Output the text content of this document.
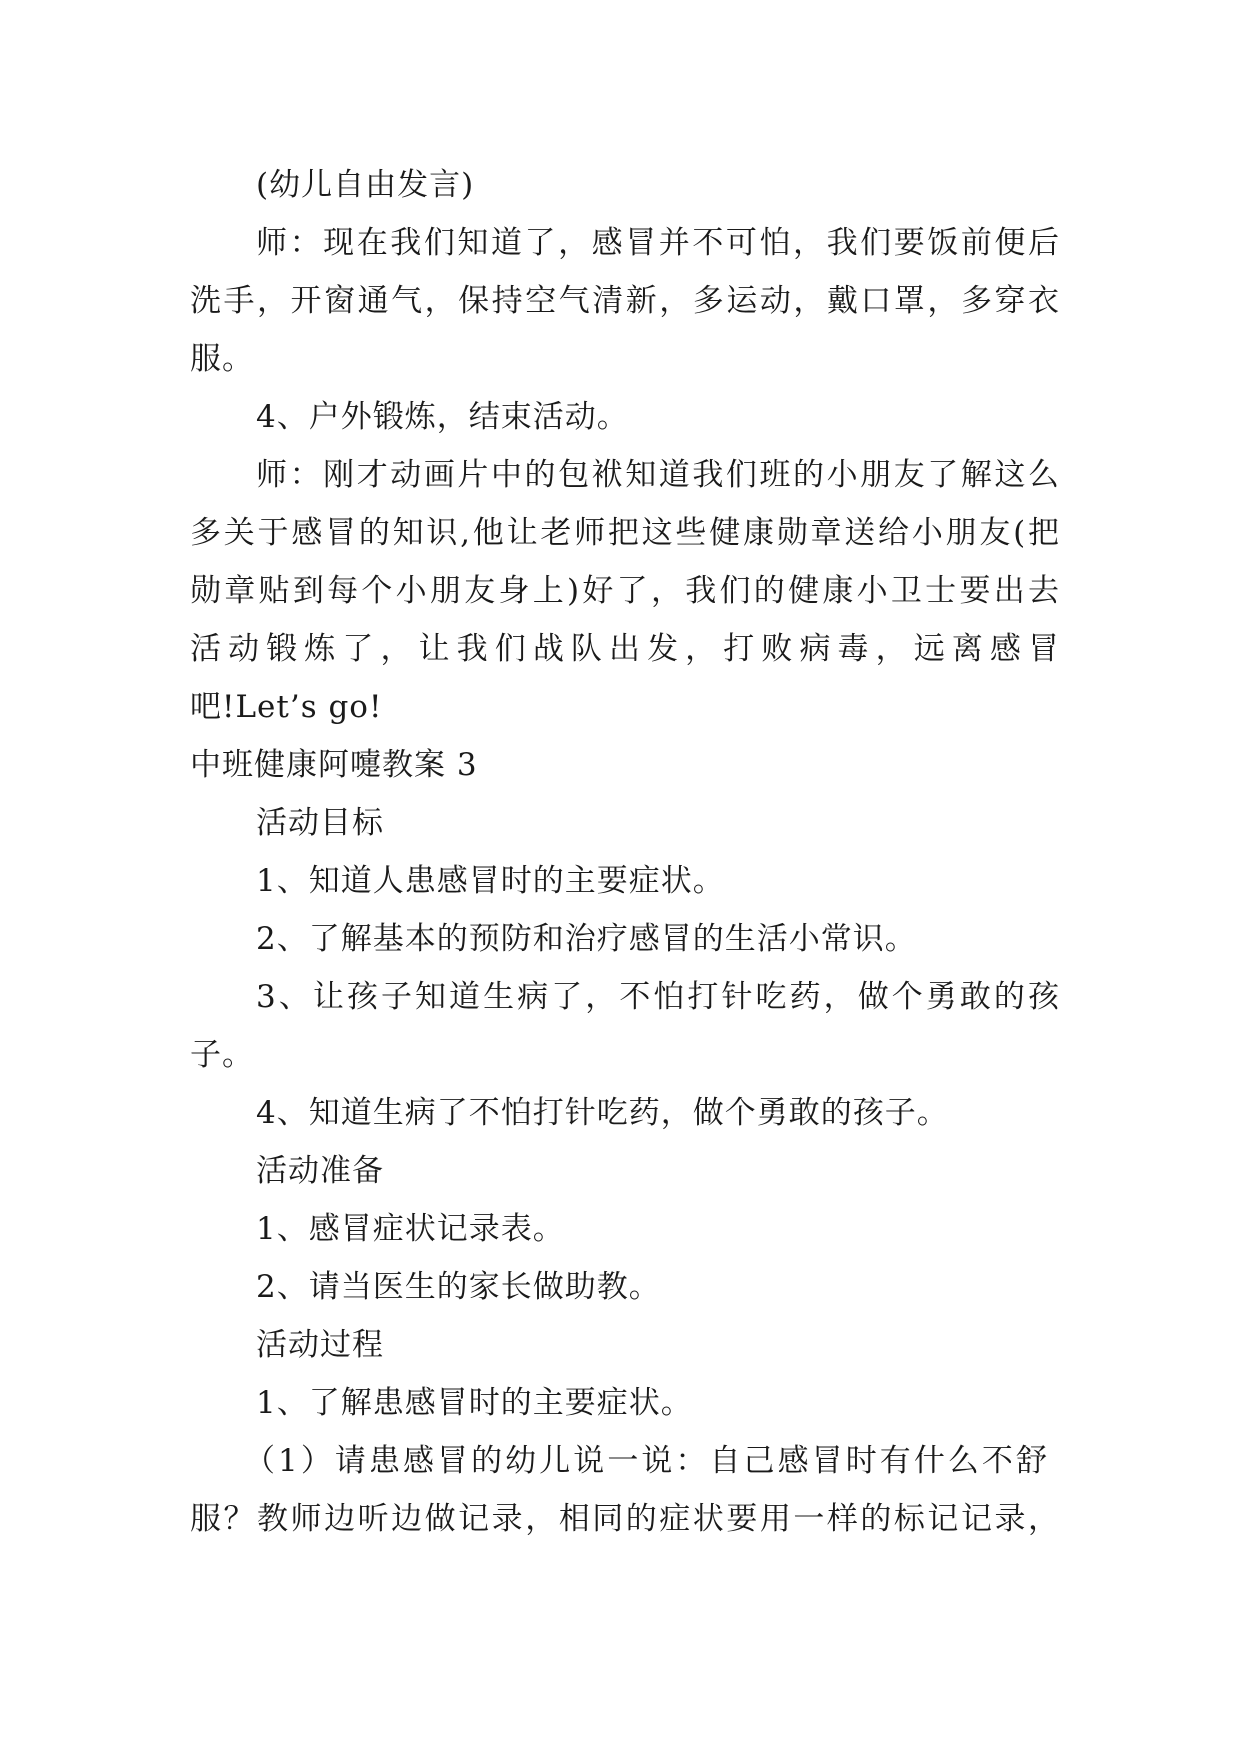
(幼儿自由发言)
师：现在我们知道了，感冒并不可怕，我们要饭前便后
洗手，开窗通气，保持空气清新，多运动，戴口罩，多穿衣
服。
4、户外锻炼，结束活动。
师：刚才动画片中的包袱知道我们班的小朋友了解这么
多关于感冒的知识,他让老师把这些健康勋章送给小朋友(把
勋章贴到每个小朋友身上)好了，我们的健康小卫士要出去
活动锻炼了，让我们战队出发，打败病毒，远离感冒
吧!Let’s go!
中班健康阿嚏教案 3
活动目标
1、知道人患感冒时的主要症状。
2、了解基本的预防和治疗感冒的生活小常识。
3、让孩子知道生病了，不怕打针吃药，做个勇敢的孩
子。
4、知道生病了不怕打针吃药，做个勇敢的孩子。
活动准备
1、感冒症状记录表。
2、请当医生的家长做助教。
活动过程
1、了解患感冒时的主要症状。
（1）请患感冒的幼儿说一说：自己感冒时有什么不舒
服？教师边听边做记录，相同的症状要用一样的标记记录，
